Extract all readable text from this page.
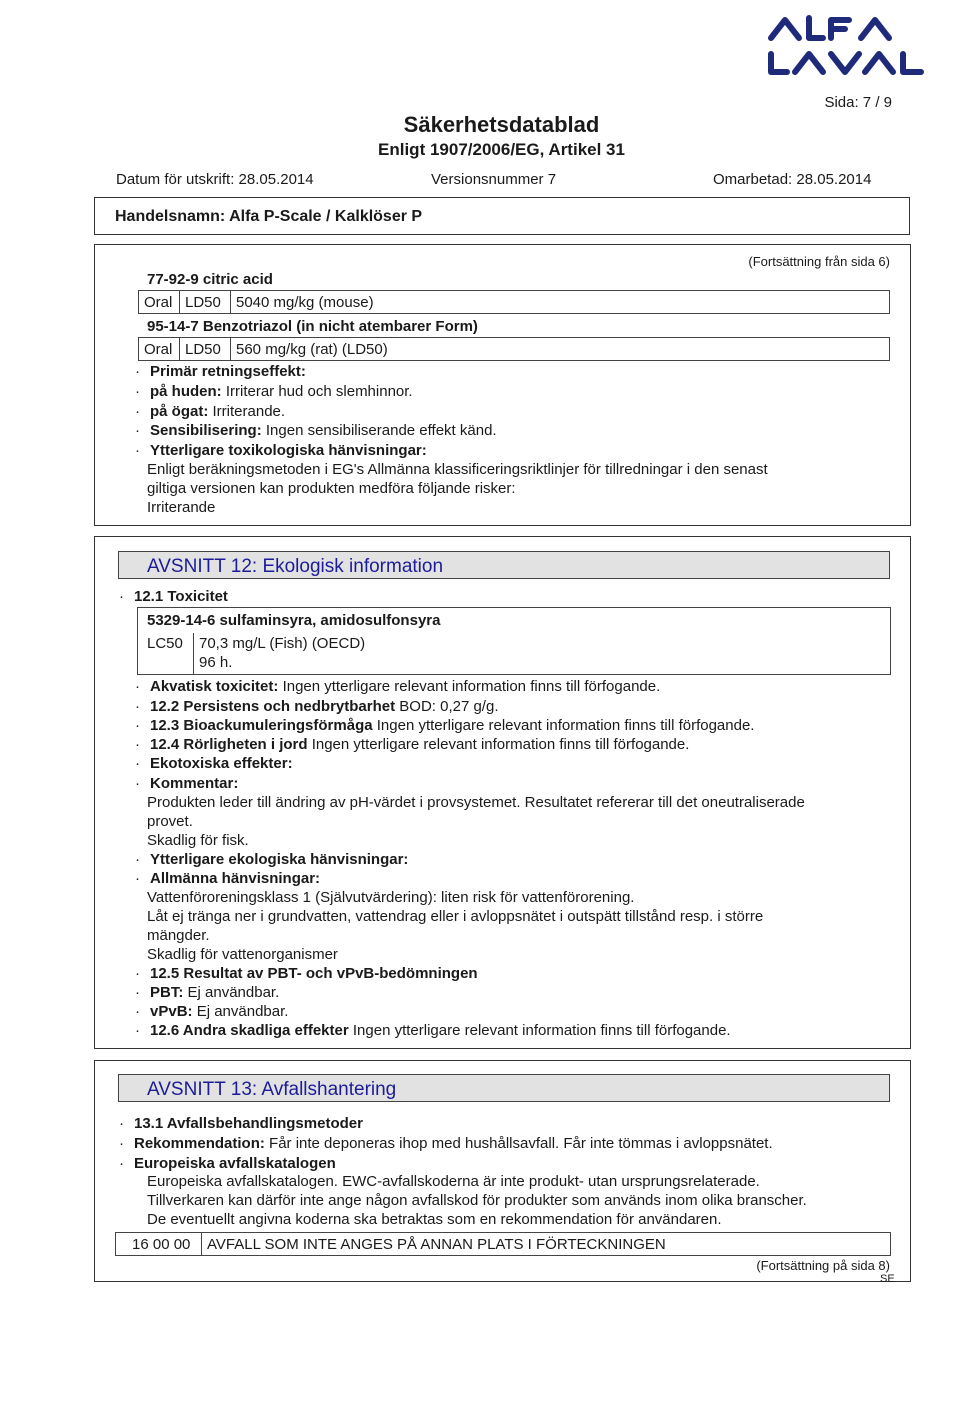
Sida: 7 / 9
Säkerhetsdatablad
Enligt 1907/2006/EG, Artikel 31
Datum för utskrift: 28.05.2014	Versionsnummer 7	Omarbetad: 28.05.2014
Handelsnamn: Alfa P-Scale / Kalklöser P
(Fortsättning från sida 6)
77-92-9 citric acid
Oral	LD50	5040 mg/kg (mouse)
95-14-7 Benzotriazol (in nicht atembarer Form)
Oral	LD50	560 mg/kg (rat) (LD50)
· Primär retningseffekt:
· på huden: Irriterar hud och slemhinnor.
· på ögat: Irriterande.
· Sensibilisering: Ingen sensibiliserande effekt känd.
· Ytterligare toxikologiska hänvisningar:
Enligt beräkningsmetoden i EG's Allmänna klassificeringsriktlinjer för tillredningar i den senast
giltiga versionen kan produkten medföra följande risker:
Irriterande
AVSNITT 12: Ekologisk information
· 12.1 Toxicitet
5329-14-6 sulfaminsyra, amidosulfonsyra
LC50 70,3 mg/L (Fish) (OECD)
96 h.
· Akvatisk toxicitet: Ingen ytterligare relevant information finns till förfogande.
· 12.2 Persistens och nedbrytbarhet BOD: 0,27 g/g.
· 12.3 Bioackumuleringsförmåga Ingen ytterligare relevant information finns till förfogande.
· 12.4 Rörligheten i jord Ingen ytterligare relevant information finns till förfogande.
· Ekotoxiska effekter:
· Kommentar:
Produkten leder till ändring av pH-värdet i provsystemet. Resultatet refererar till det oneutraliserade
provet.
Skadlig för fisk.
· Ytterligare ekologiska hänvisningar:
· Allmänna hänvisningar:
Vattenföroreningsklass 1 (Självutvärdering): liten risk för vattenförorening.
Låt ej tränga ner i grundvatten, vattendrag eller i avloppsnätet i outspätt tillstånd resp. i större
mängder.
Skadlig för vattenorganismer
· 12.5 Resultat av PBT- och vPvB-bedömningen
· PBT: Ej användbar.
· vPvB: Ej användbar.
· 12.6 Andra skadliga effekter Ingen ytterligare relevant information finns till förfogande.
AVSNITT 13: Avfallshantering
· 13.1 Avfallsbehandlingsmetoder
· Rekommendation: Får inte deponeras ihop med hushållsavfall. Får inte tömmas i avloppsnätet.
· Europeiska avfallskatalogen
Europeiska avfallskatalogen. EWC-avfallskoderna är inte produkt- utan ursprungsrelaterade.
Tillverkaren kan därför inte ange någon avfallskod för produkter som används inom olika branscher.
De eventuellt angivna koderna ska betraktas som en rekommendation för användaren.
16 00 00	AVFALL SOM INTE ANGES PÅ ANNAN PLATS I FÖRTECKNINGEN
(Fortsättning på sida 8)
SE
